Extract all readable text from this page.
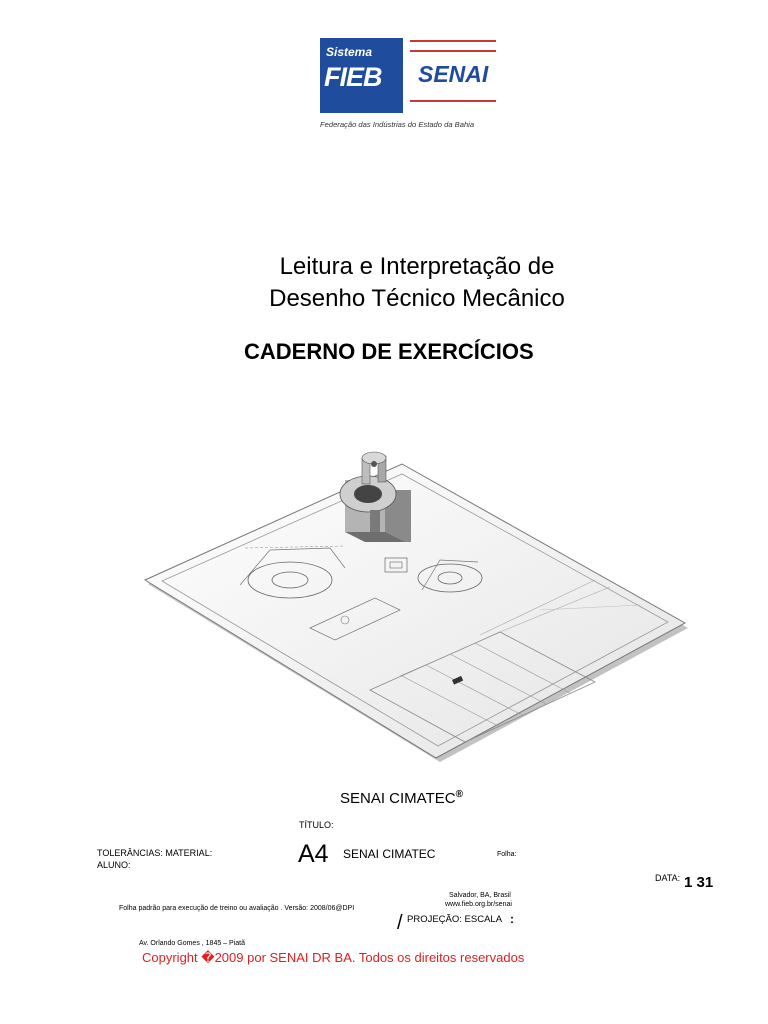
Sistema
FIEB SENAI
Federação das Indústrias do Estado da Bahia
Leitura e Interpretação de
Desenho Técnico Mecânico
CADERNO DE EXERCÍCIOS
SENAI CIMATEC®
TÍTULO:
TOLERÂNCIAS: MATERIAL:
ALUNO:	A4 SENAI CIMATEC	Folha:
DATA: 1 31
Salvador, BA, Brasil
www.fieb.org.br/senai
Folha padrão para execução de treino ou avaliação . Versão: 2008/06@DPI
/ PROJEÇÃO: ESCALA :
Av. Orlando Gomes , 1845 – Piatã
Copyright �2009 por SENAI DR BA. Todos os direitos reservados
